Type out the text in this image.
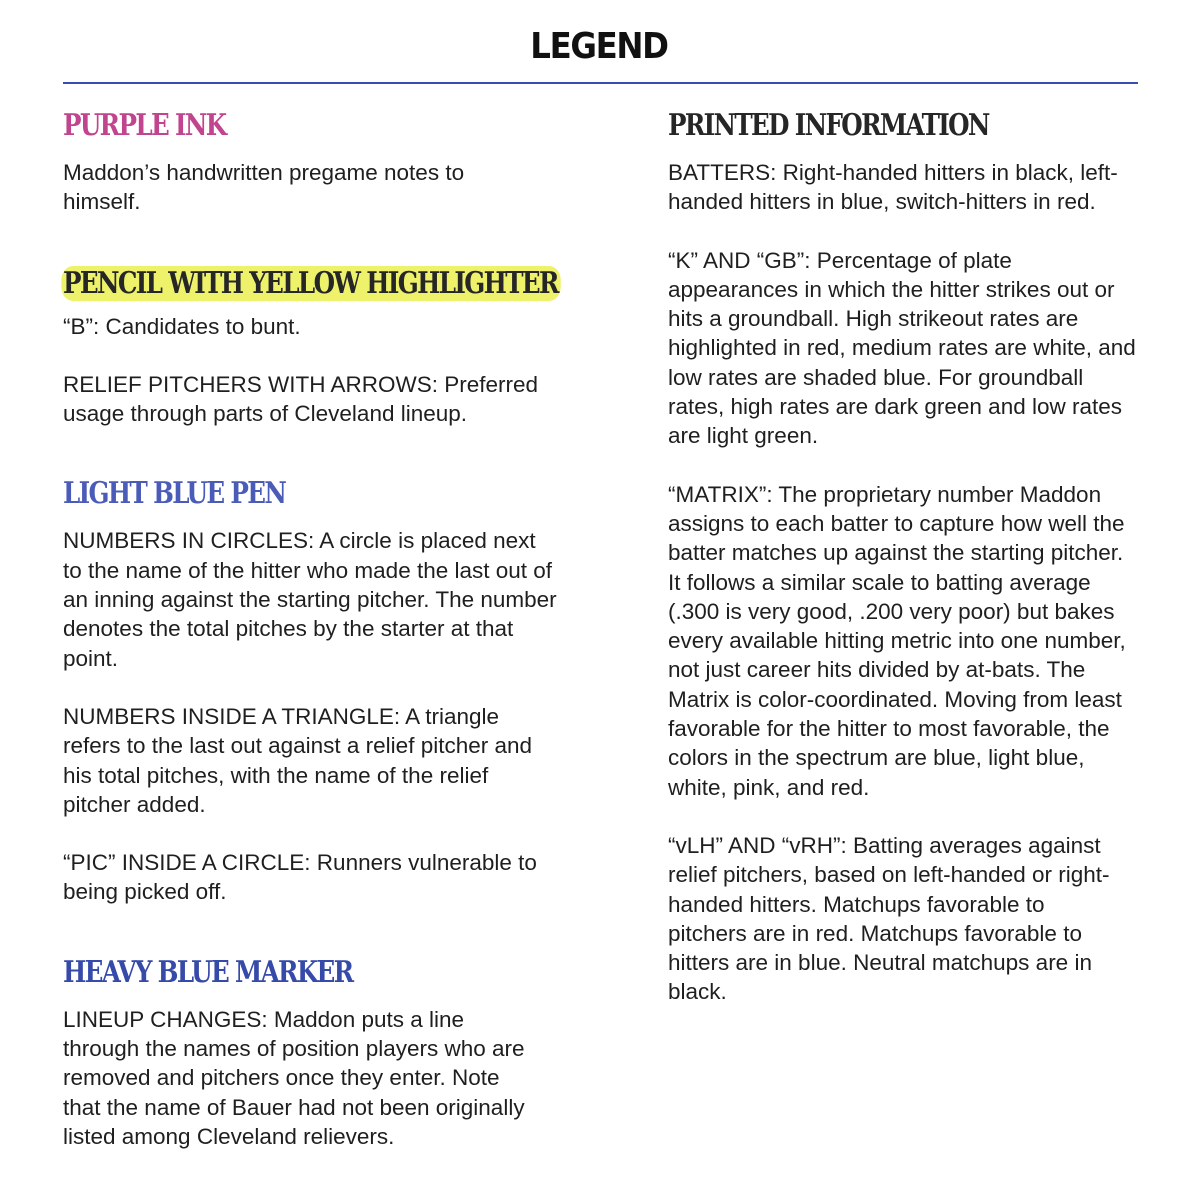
LEGEND
PURPLE INK

Maddon’s handwritten pregame notes to himself.

PENCIL WITH YELLOW HIGHLIGHTER

“B”: Candidates to bunt.

RELIEF PITCHERS WITH ARROWS: Preferred usage through parts of Cleveland lineup.

LIGHT BLUE PEN

NUMBERS IN CIRCLES: A circle is placed next to the name of the hitter who made the last out of an inning against the starting pitcher. The number denotes the total pitches by the starter at that point.

NUMBERS INSIDE A TRIANGLE: A triangle refers to the last out against a relief pitcher and his total pitches, with the name of the relief pitcher added.

“PIC” INSIDE A CIRCLE: Runners vulnerable to being picked off.

HEAVY BLUE MARKER

LINEUP CHANGES: Maddon puts a line through the names of position players who are removed and pitchers once they enter. Note that the name of Bauer had not been originally listed among Cleveland relievers.

PRINTED INFORMATION

BATTERS: Right-handed hitters in black, left-handed hitters in blue, switch-hitters in red.

“K” AND “GB”: Percentage of plate appearances in which the hitter strikes out or hits a groundball. High strikeout rates are highlighted in red, medium rates are white, and low rates are shaded blue. For groundball rates, high rates are dark green and low rates are light green.

“MATRIX”: The proprietary number Maddon assigns to each batter to capture how well the batter matches up against the starting pitcher. It follows a similar scale to batting average (.300 is very good, .200 very poor) but bakes every available hitting metric into one number, not just career hits divided by at-bats. The Matrix is color-coordinated. Moving from least favorable for the hitter to most favorable, the colors in the spectrum are blue, light blue, white, pink, and red.

“vLH” AND “vRH”: Batting averages against relief pitchers, based on left-handed or right-handed hitters. Matchups favorable to pitchers are in red. Matchups favorable to hitters are in blue. Neutral matchups are in black.
